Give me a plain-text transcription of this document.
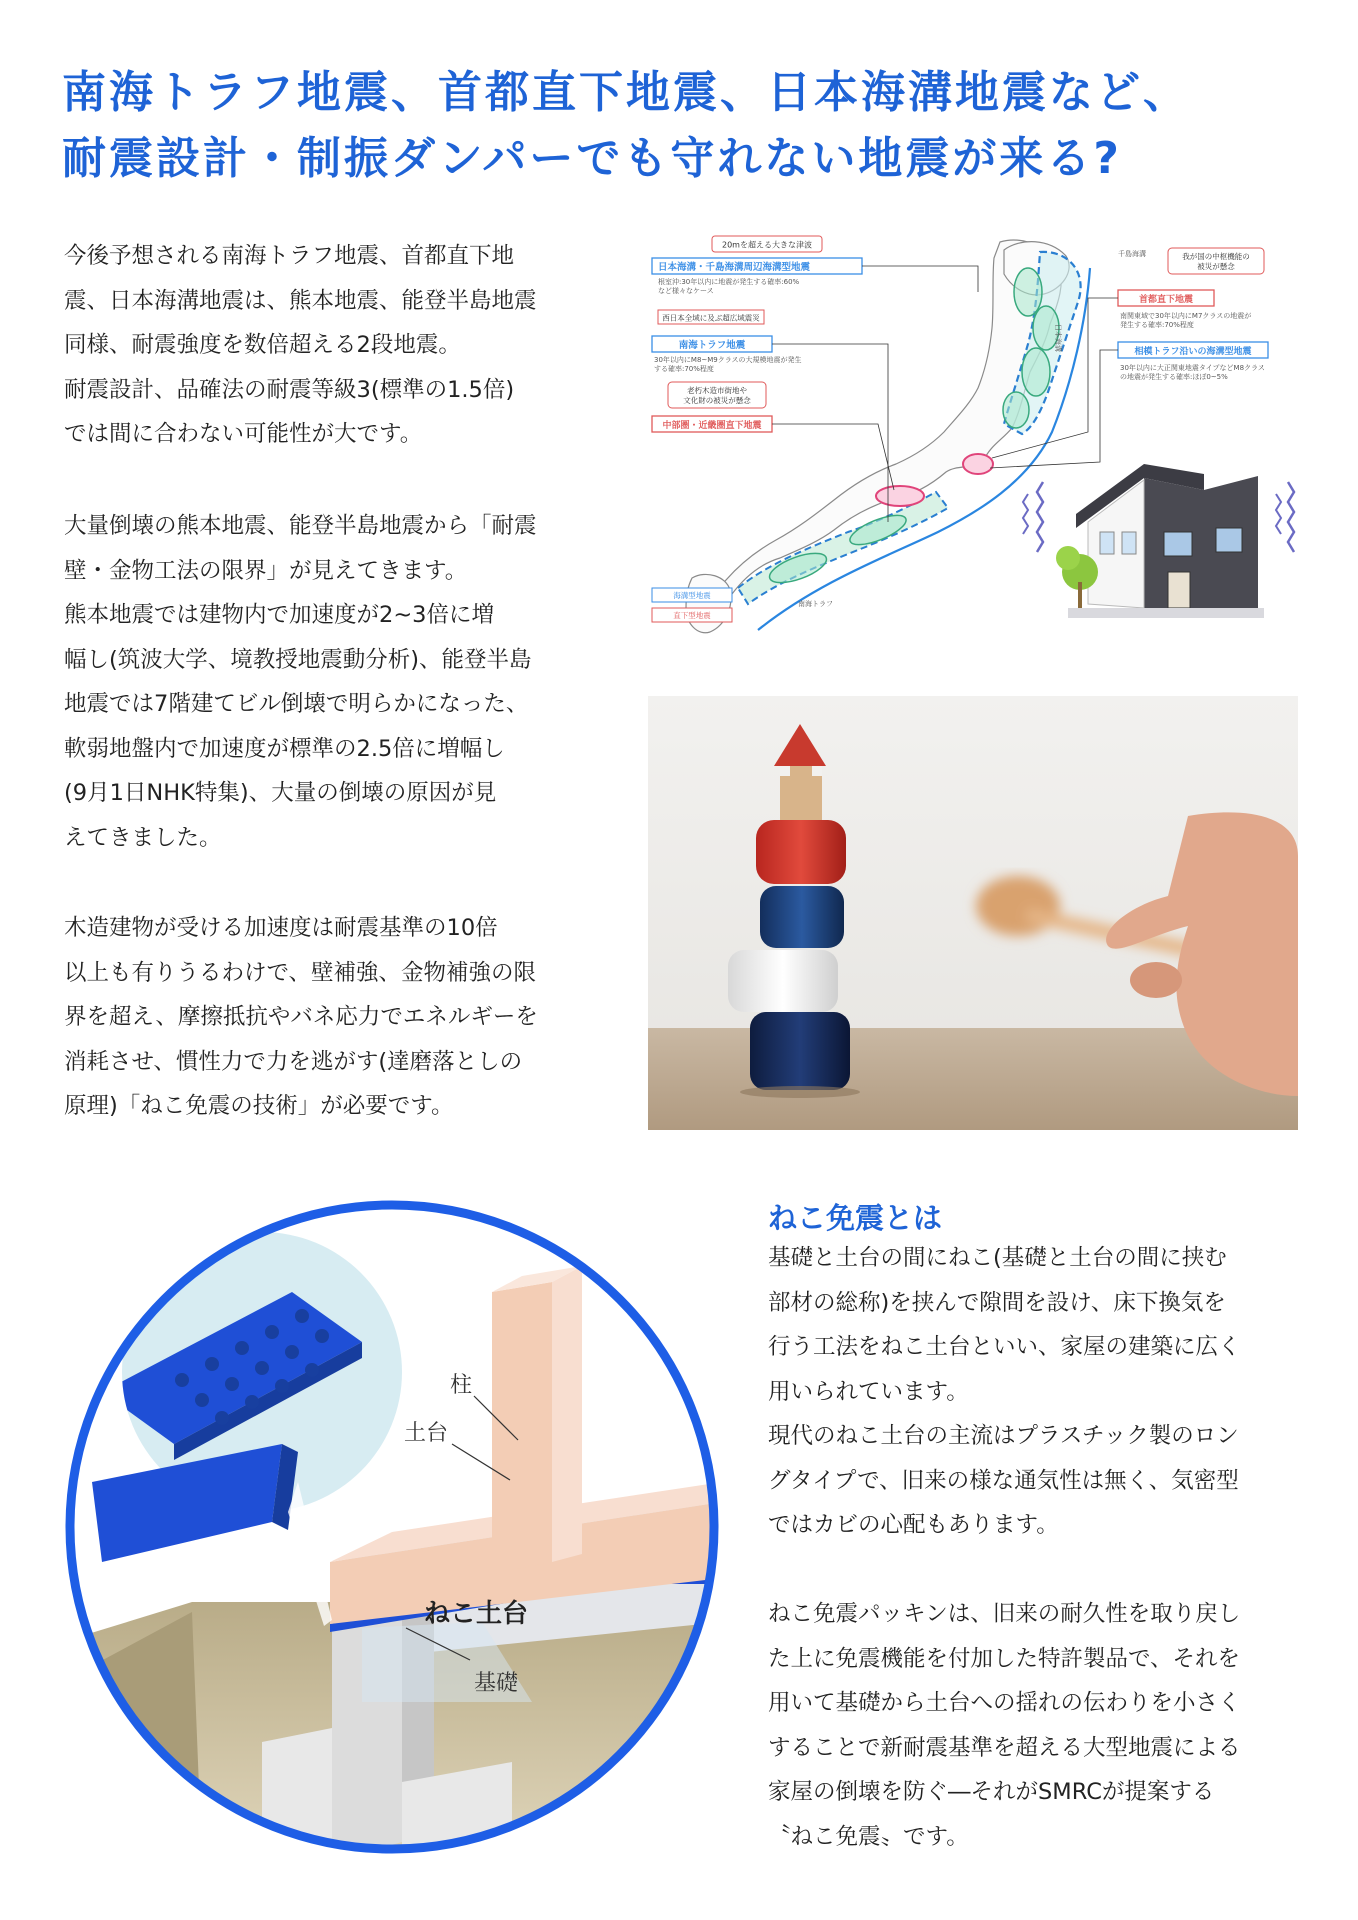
南海トラフ地震、首都直下地震、日本海溝地震など、
耐震設計・制振ダンパーでも守れない地震が来る?

今後予想される南海トラフ地震、首都直下地

震、日本海溝地震は、熊本地震、能登半島地震

同様、耐震強度を数倍超える2段地震。

耐震設計、品確法の耐震等級3(標準の1.5倍)

では間に合わない可能性が大です。

大量倒壊の熊本地震、能登半島地震から「耐震

壁・金物工法の限界」が見えてきます。

熊本地震では建物内で加速度が2~3倍に増

幅し(筑波大学、境教授地震動分析)、能登半島

地震では7階建てビル倒壊で明らかになった、

軟弱地盤内で加速度が標準の2.5倍に増幅し

(9月1日NHK特集)、大量の倒壊の原因が見

えてきました。

木造建物が受ける加速度は耐震基準の10倍

以上も有りうるわけで、壁補強、金物補強の限

界を超え、摩擦抵抗やバネ応力でエネルギーを

消耗させ、慣性力で力を逃がす(達磨落としの

原理)「ねこ免震の技術」が必要です。

20mを超える大きな津波
日本海溝・千島海溝周辺海溝型地震
根室沖:30年以内に地震が発生する確率:60%
など様々なケース
西日本全域に及ぶ超広域震災
南海トラフ地震
30年以内にM8~M9クラスの大規模地震が発生
する確率:70%程度
老朽木造市街地や
文化財の被災が懸念
中部圏・近畿圏直下地震
千島海溝
日本海溝
南海トラフ
我が国の中枢機能の
被災が懸念
首都直下地震
南関東域で30年以内にM7クラスの地震が
発生する確率:70%程度
相模トラフ沿いの海溝型地震
30年以内に大正関東地震タイプなどM8クラス
の地震が発生する確率:ほぼ0~5%
海溝型地震
直下型地震
ねこ免震とは

基礎と土台の間にねこ(基礎と土台の間に挟む

部材の総称)を挟んで隙間を設け、床下換気を

行う工法をねこ土台といい、家屋の建築に広く

用いられています。

現代のねこ土台の主流はプラスチック製のロン

グタイプで、旧来の様な通気性は無く、気密型

ではカビの心配もあります。

ねこ免震パッキンは、旧来の耐久性を取り戻し

た上に免震機能を付加した特許製品で、それを

用いて基礎から土台への揺れの伝わりを小さく

することで新耐震基準を超える大型地震による

家屋の倒壊を防ぐ―それがSMRCが提案する

〝ねこ免震〟です。

柱
土台
ねこ土台
基礎
